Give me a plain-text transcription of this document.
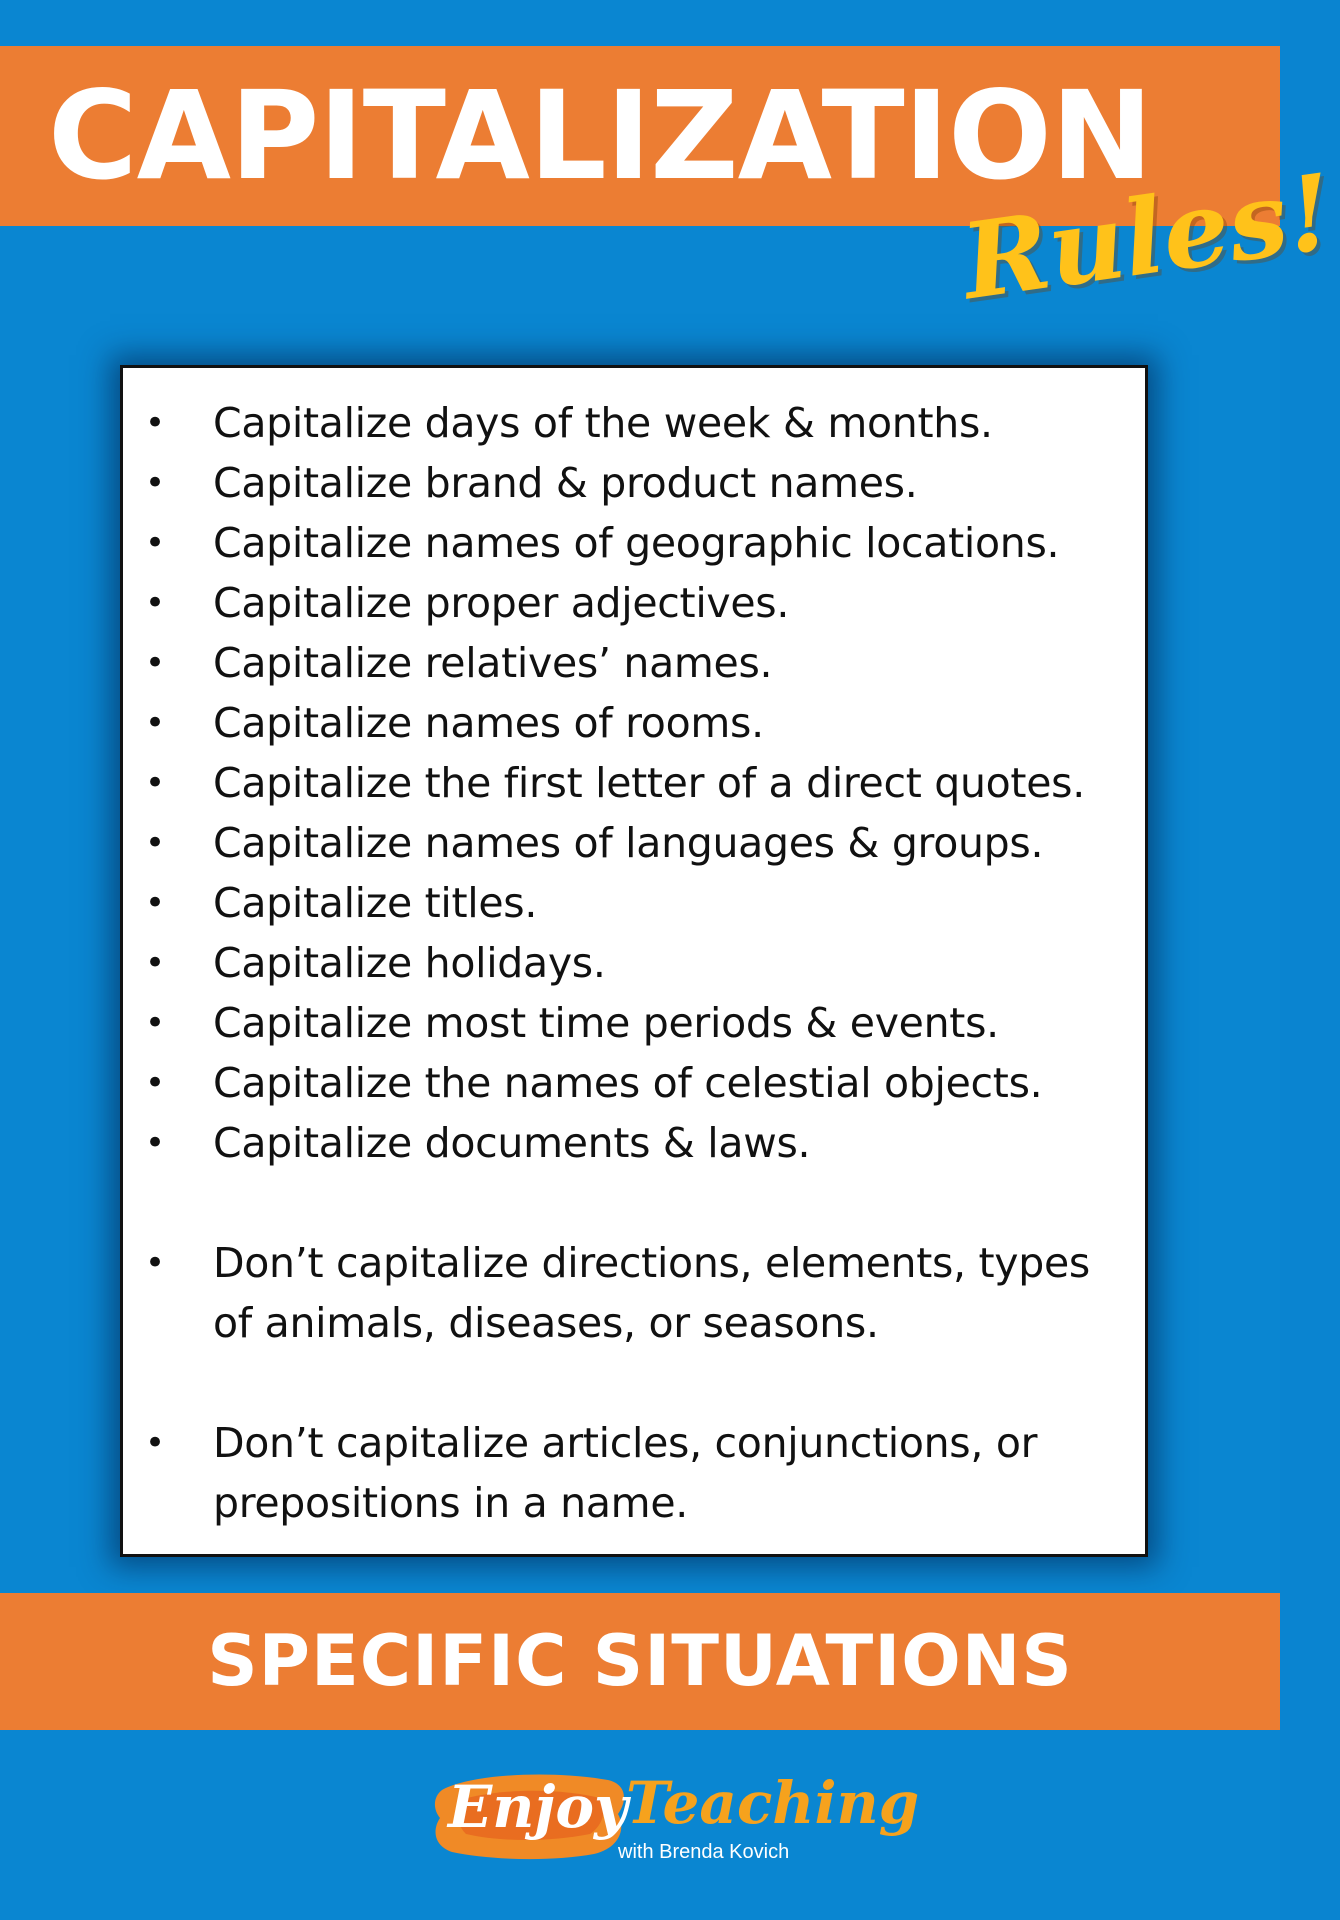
CAPITALIZATION
Rules!
• Capitalize days of the week & months.
• Capitalize brand & product names.
• Capitalize names of geographic locations.
• Capitalize proper adjectives.
• Capitalize relatives’ names.
• Capitalize names of rooms.
• Capitalize the first letter of a direct quotes.
• Capitalize names of languages & groups.
• Capitalize titles.
• Capitalize holidays.
• Capitalize most time periods & events.
• Capitalize the names of celestial objects.
• Capitalize documents & laws.
• Don’t capitalize directions, elements, types of animals, diseases, or seasons.
• Don’t capitalize articles, conjunctions, or prepositions in a name.
SPECIFIC SITUATIONS
Enjoy
Teaching
with Brenda Kovich
